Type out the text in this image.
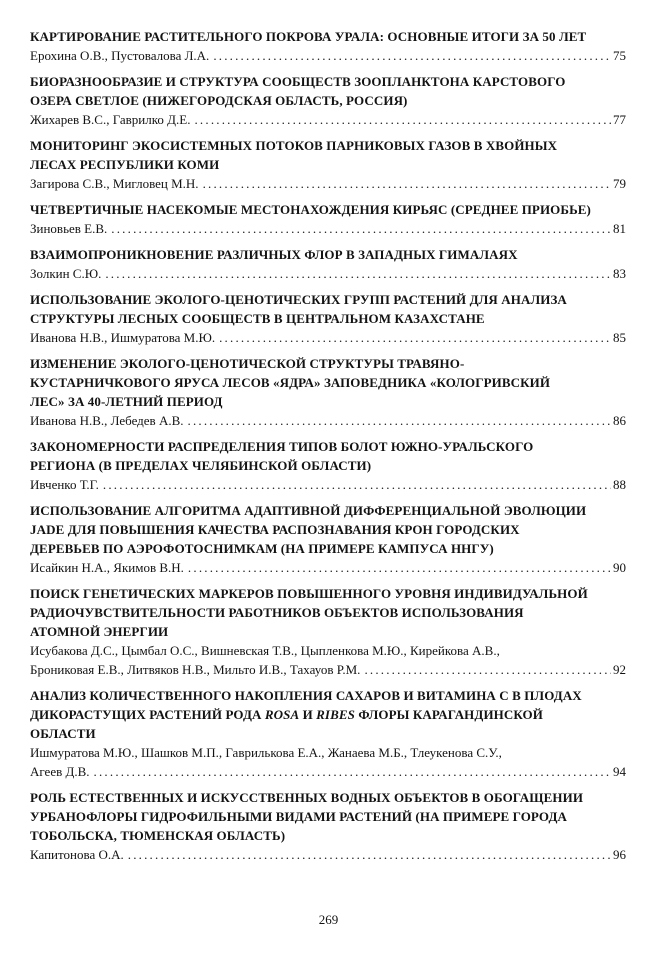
КАРТИРОВАНИЕ РАСТИТЕЛЬНОГО ПОКРОВА УРАЛА: ОСНОВНЫЕ ИТОГИ ЗА 50 ЛЕТ
Ерохина О.В., Пустовалова Л.А. .....	75
БИОРАЗНООБРАЗИЕ И СТРУКТУРА СООБЩЕСТВ ЗООПЛАНКТОНА КАРСТОВОГО
ОЗЕРА СВЕТЛОЕ (НИЖЕГОРОДСКАЯ ОБЛАСТЬ, РОССИЯ)
Жихарев В.С., Гаврилко Д.Е. .....	77
МОНИТОРИНГ ЭКОСИСТЕМНЫХ ПОТОКОВ ПАРНИКОВЫХ ГАЗОВ В ХВОЙНЫХ
ЛЕСАХ РЕСПУБЛИКИ КОМИ
Загирова С.В., Мигловец М.Н. .....	79
ЧЕТВЕРТИЧНЫЕ НАСЕКОМЫЕ МЕСТОНАХОЖДЕНИЯ КИРЬЯС (СРЕДНЕЕ ПРИОБЬЕ)
Зиновьев Е.В. .....	81
ВЗАИМОПРОНИКНОВЕНИЕ РАЗЛИЧНЫХ ФЛОР В ЗАПАДНЫХ ГИМАЛАЯХ
Золкин С.Ю. .....	83
ИСПОЛЬЗОВАНИЕ ЭКОЛОГО-ЦЕНОТИЧЕСКИХ ГРУПП РАСТЕНИЙ ДЛЯ АНАЛИЗА
СТРУКТУРЫ ЛЕСНЫХ СООБЩЕСТВ В ЦЕНТРАЛЬНОМ КАЗАХСТАНЕ
Иванова Н.В., Ишмуратова М.Ю. .....	85
ИЗМЕНЕНИЕ ЭКОЛОГО-ЦЕНОТИЧЕСКОЙ СТРУКТУРЫ ТРАВЯНО-
КУСТАРНИЧКОВОГО ЯРУСА ЛЕСОВ «ЯДРА» ЗАПОВЕДНИКА «КОЛОГРИВСКИЙ
ЛЕС» ЗА 40-ЛЕТНИЙ ПЕРИОД
Иванова Н.В., Лебедев А.В. .....	86
ЗАКОНОМЕРНОСТИ РАСПРЕДЕЛЕНИЯ ТИПОВ БОЛОТ ЮЖНО-УРАЛЬСКОГО
РЕГИОНА (В ПРЕДЕЛАХ ЧЕЛЯБИНСКОЙ ОБЛАСТИ)
Ивченко Т.Г. .....	88
ИСПОЛЬЗОВАНИЕ АЛГОРИТМА АДАПТИВНОЙ ДИФФЕРЕНЦИАЛЬНОЙ ЭВОЛЮЦИИ
JADE ДЛЯ ПОВЫШЕНИЯ КАЧЕСТВА РАСПОЗНАВАНИЯ КРОН ГОРОДСКИХ
ДЕРЕВЬЕВ ПО АЭРОФОТОСНИМКАМ (НА ПРИМЕРЕ КАМПУСА ННГУ)
Исайкин Н.А., Якимов В.Н. .....	90
ПОИСК ГЕНЕТИЧЕСКИХ МАРКЕРОВ ПОВЫШЕННОГО УРОВНЯ ИНДИВИДУАЛЬНОЙ
РАДИОЧУВСТВИТЕЛЬНОСТИ РАБОТНИКОВ ОБЪЕКТОВ ИСПОЛЬЗОВАНИЯ
АТОМНОЙ ЭНЕРГИИ
Исубакова Д.С., Цымбал О.С., Вишневская Т.В., Цыпленкова М.Ю., Кирейкова А.В.,
Брониковая Е.В., Литвяков Н.В., Мильто И.В., Тахауов Р.М. .....	92
АНАЛИЗ КОЛИЧЕСТВЕННОГО НАКОПЛЕНИЯ САХАРОВ И ВИТАМИНА С В ПЛОДАХ
ДИКОРАСТУЩИХ РАСТЕНИЙ РОДА ROSA И RIBES ФЛОРЫ КАРАГАНДИНСКОЙ
ОБЛАСТИ
Ишмуратова М.Ю., Шашков М.П., Гаврилькова Е.А., Жанаева М.Б., Тлеукенова С.У.,
Агеев Д.В. .....	94
РОЛЬ ЕСТЕСТВЕННЫХ И ИСКУССТВЕННЫХ ВОДНЫХ ОБЪЕКТОВ В ОБОГАЩЕНИИ
УРБАНОФЛОРЫ ГИДРОФИЛЬНЫМИ ВИДАМИ РАСТЕНИЙ (НА ПРИМЕРЕ ГОРОДА
ТОБОЛЬСКА, ТЮМЕНСКАЯ ОБЛАСТЬ)
Капитонова О.А. .....	96
269
